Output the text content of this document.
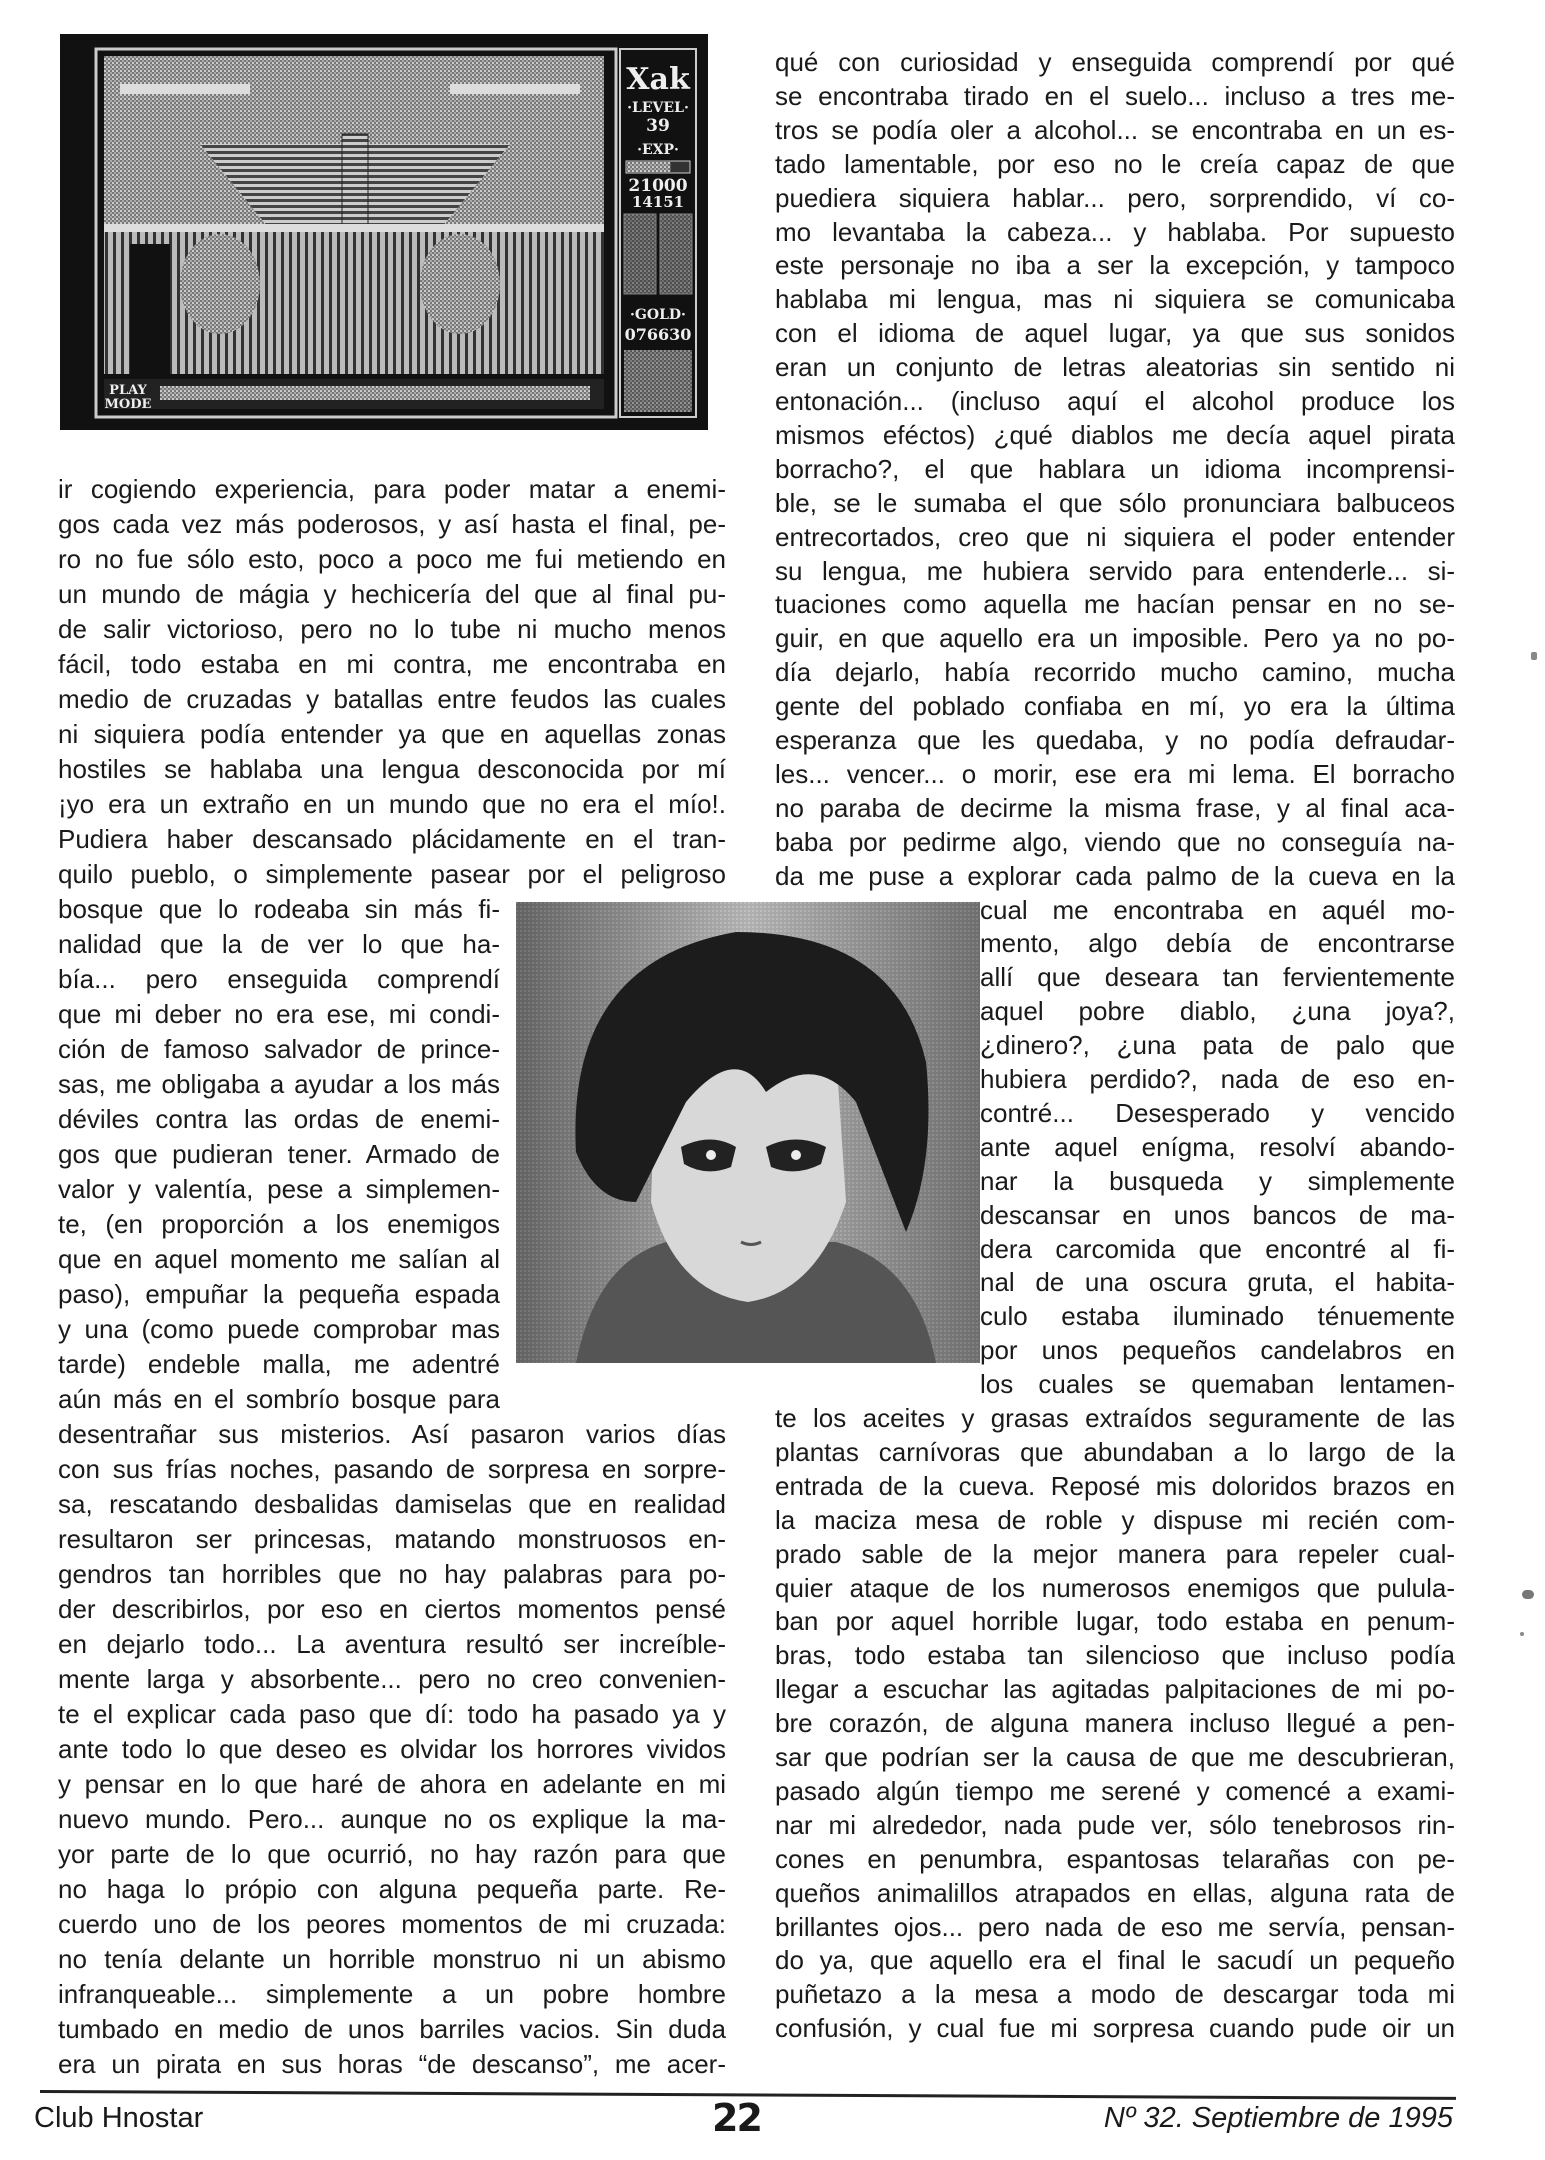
PLAY
MODE
Xak
·LEVEL·
39
·EXP·
21000
14151
·GOLD·
076630
ir cogiendo experiencia, para poder matar a enemi-
gos cada vez más poderosos, y así hasta el final, pe-
ro no fue sólo esto, poco a poco me fui metiendo en
un mundo de mágia y hechicería del que al final pu-
de salir victorioso, pero no lo tube ni mucho menos
fácil, todo estaba en mi contra, me encontraba en
medio de cruzadas y batallas entre feudos las cuales
ni siquiera podía entender ya que en aquellas zonas
hostiles se hablaba una lengua desconocida por mí
¡yo era un extraño en un mundo que no era el mío!.
Pudiera haber descansado plácidamente en el tran-
quilo pueblo, o simplemente pasear por el peligroso
bosque que lo rodeaba sin más fi-
nalidad que la de ver lo que ha-
bía... pero enseguida comprendí
que mi deber no era ese, mi condi-
ción de famoso salvador de prince-
sas, me obligaba a ayudar a los más
déviles contra las ordas de enemi-
gos que pudieran tener. Armado de
valor y valentía, pese a simplemen-
te, (en proporción a los enemigos
que en aquel momento me salían al
paso), empuñar la pequeña espada
y una (como puede comprobar mas
tarde) endeble malla, me adentré
aún más en el sombrío bosque para
desentrañar sus misterios. Así pasaron varios días
con sus frías noches, pasando de sorpresa en sorpre-
sa, rescatando desbalidas damiselas que en realidad
resultaron ser princesas, matando monstruosos en-
gendros tan horribles que no hay palabras para po-
der describirlos, por eso en ciertos momentos pensé
en dejarlo todo... La aventura resultó ser increíble-
mente larga y absorbente... pero no creo convenien-
te el explicar cada paso que dí: todo ha pasado ya y
ante todo lo que deseo es olvidar los horrores vividos
y pensar en lo que haré de ahora en adelante en mi
nuevo mundo. Pero... aunque no os explique la ma-
yor parte de lo que ocurrió, no hay razón para que
no haga lo própio con alguna pequeña parte. Re-
cuerdo uno de los peores momentos de mi cruzada:
no tenía delante un horrible monstruo ni un abismo
infranqueable... simplemente a un pobre hombre
tumbado en medio de unos barriles vacios. Sin duda
era un pirata en sus horas “de descanso”, me acer-
qué con curiosidad y enseguida comprendí por qué
se encontraba tirado en el suelo... incluso a tres me-
tros se podía oler a alcohol... se encontraba en un es-
tado lamentable, por eso no le creía capaz de que
puediera siquiera hablar... pero, sorprendido, ví co-
mo levantaba la cabeza... y hablaba. Por supuesto
este personaje no iba a ser la excepción, y tampoco
hablaba mi lengua, mas ni siquiera se comunicaba
con el idioma de aquel lugar, ya que sus sonidos
eran un conjunto de letras aleatorias sin sentido ni
entonación... (incluso aquí el alcohol produce los
mismos eféctos) ¿qué diablos me decía aquel pirata
borracho?, el que hablara un idioma incomprensi-
ble, se le sumaba el que sólo pronunciara balbuceos
entrecortados, creo que ni siquiera el poder entender
su lengua, me hubiera servido para entenderle... si-
tuaciones como aquella me hacían pensar en no se-
guir, en que aquello era un imposible. Pero ya no po-
día dejarlo, había recorrido mucho camino, mucha
gente del poblado confiaba en mí, yo era la última
esperanza que les quedaba, y no podía defraudar-
les... vencer... o morir, ese era mi lema. El borracho
no paraba de decirme la misma frase, y al final aca-
baba por pedirme algo, viendo que no conseguía na-
da me puse a explorar cada palmo de la cueva en la
cual me encontraba en aquél mo-
mento, algo debía de encontrarse
allí que deseara tan fervientemente
aquel pobre diablo, ¿una joya?,
¿dinero?, ¿una pata de palo que
hubiera perdido?, nada de eso en-
contré... Desesperado y vencido
ante aquel enígma, resolví abando-
nar la busqueda y simplemente
descansar en unos bancos de ma-
dera carcomida que encontré al fi-
nal de una oscura gruta, el habita-
culo estaba iluminado ténuemente
por unos pequeños candelabros en
los cuales se quemaban lentamen-
te los aceites y grasas extraídos seguramente de las
plantas carnívoras que abundaban a lo largo de la
entrada de la cueva. Reposé mis doloridos brazos en
la maciza mesa de roble y dispuse mi recién com-
prado sable de la mejor manera para repeler cual-
quier ataque de los numerosos enemigos que pulula-
ban por aquel horrible lugar, todo estaba en penum-
bras, todo estaba tan silencioso que incluso podía
llegar a escuchar las agitadas palpitaciones de mi po-
bre corazón, de alguna manera incluso llegué a pen-
sar que podrían ser la causa de que me descubrieran,
pasado algún tiempo me serené y comencé a exami-
nar mi alrededor, nada pude ver, sólo tenebrosos rin-
cones en penumbra, espantosas telarañas con pe-
queños animalillos atrapados en ellas, alguna rata de
brillantes ojos... pero nada de eso me servía, pensan-
do ya, que aquello era el final le sacudí un pequeño
puñetazo a la mesa a modo de descargar toda mi
confusión, y cual fue mi sorpresa cuando pude oir un
Club Hnostar	22	Nº 32. Septiembre de 1995
